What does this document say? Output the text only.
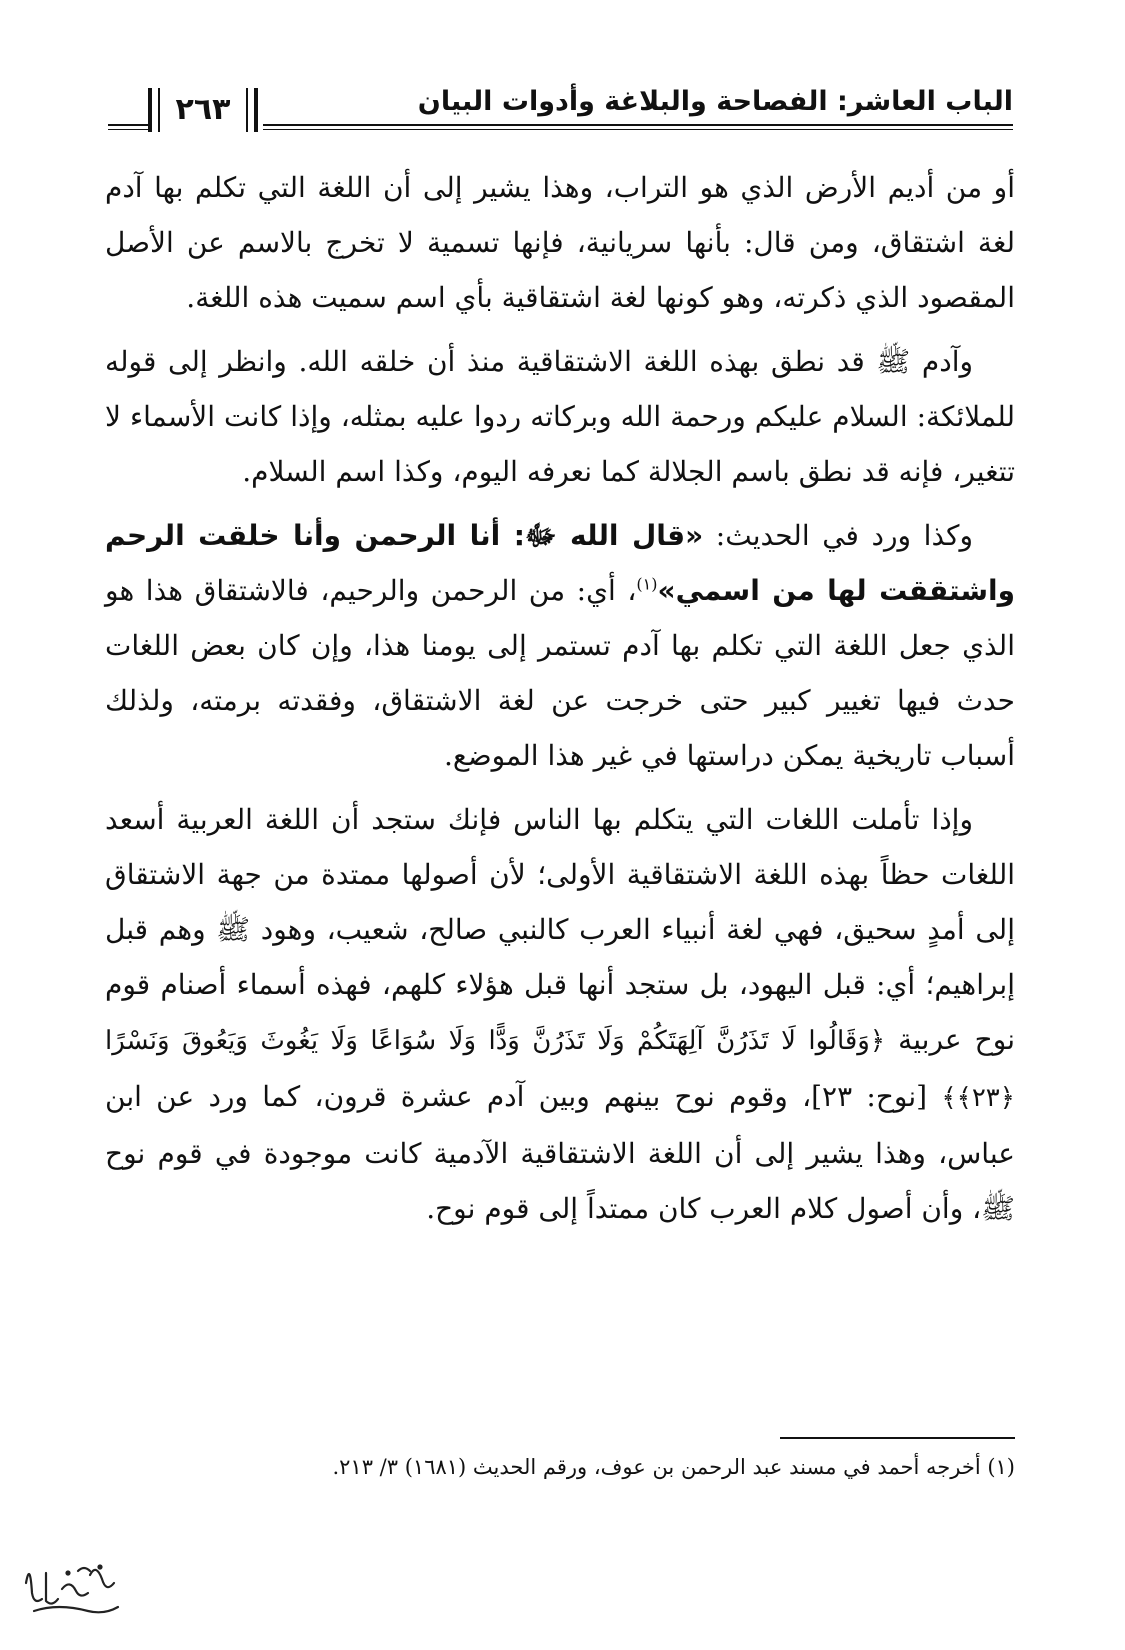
الباب العاشر: الفصاحة والبلاغة وأدوات البيان
٢٦٣

أو من أديم الأرض الذي هو التراب، وهذا يشير إلى أن اللغة التي تكلم بها آدم لغة اشتقاق، ومن قال: بأنها سريانية، فإنها تسمية لا تخرج بالاسم عن الأصل المقصود الذي ذكرته، وهو كونها لغة اشتقاقية بأي اسم سميت هذه اللغة.

وآدم ﷺ قد نطق بهذه اللغة الاشتقاقية منذ أن خلقه الله. وانظر إلى قوله للملائكة: السلام عليكم ورحمة الله وبركاته ردوا عليه بمثله، وإذا كانت الأسماء لا تتغير، فإنه قد نطق باسم الجلالة كما نعرفه اليوم، وكذا اسم السلام.

وكذا ورد في الحديث: «قال الله ﷻ: أنا الرحمن وأنا خلقت الرحم واشتققت لها من اسمي»$^{(١)}$، أي: من الرحمن والرحيم، فالاشتقاق هذا هو الذي جعل اللغة التي تكلم بها آدم تستمر إلى يومنا هذا، وإن كان بعض اللغات حدث فيها تغيير كبير حتى خرجت عن لغة الاشتقاق، وفقدته برمته، ولذلك أسباب تاريخية يمكن دراستها في غير هذا الموضع.

وإذا تأملت اللغات التي يتكلم بها الناس فإنك ستجد أن اللغة العربية أسعد اللغات حظاً بهذه اللغة الاشتقاقية الأولى؛ لأن أصولها ممتدة من جهة الاشتقاق إلى أمدٍ سحيق، فهي لغة أنبياء العرب كالنبي صالح، شعيب، وهود ﷺ وهم قبل إبراهيم؛ أي: قبل اليهود، بل ستجد أنها قبل هؤلاء كلهم، فهذه أسماء أصنام قوم نوح عربية ﴿وَقَالُوا لَا تَذَرُنَّ آلِهَتَكُمْ وَلَا تَذَرُنَّ وَدًّا وَلَا سُوَاعًا وَلَا يَغُوثَ وَيَعُوقَ وَنَسْرًا ﴿٢٣﴾﴾ [نوح: ٢٣]، وقوم نوح بينهم وبين آدم عشرة قرون، كما ورد عن ابن عباس، وهذا يشير إلى أن اللغة الاشتقاقية الآدمية كانت موجودة في قوم نوح ﷺ، وأن أصول كلام العرب كان ممتداً إلى قوم نوح.

(١) أخرجه أحمد في مسند عبد الرحمن بن عوف، ورقم الحديث (١٦٨١) ٣/ ٢١٣.
